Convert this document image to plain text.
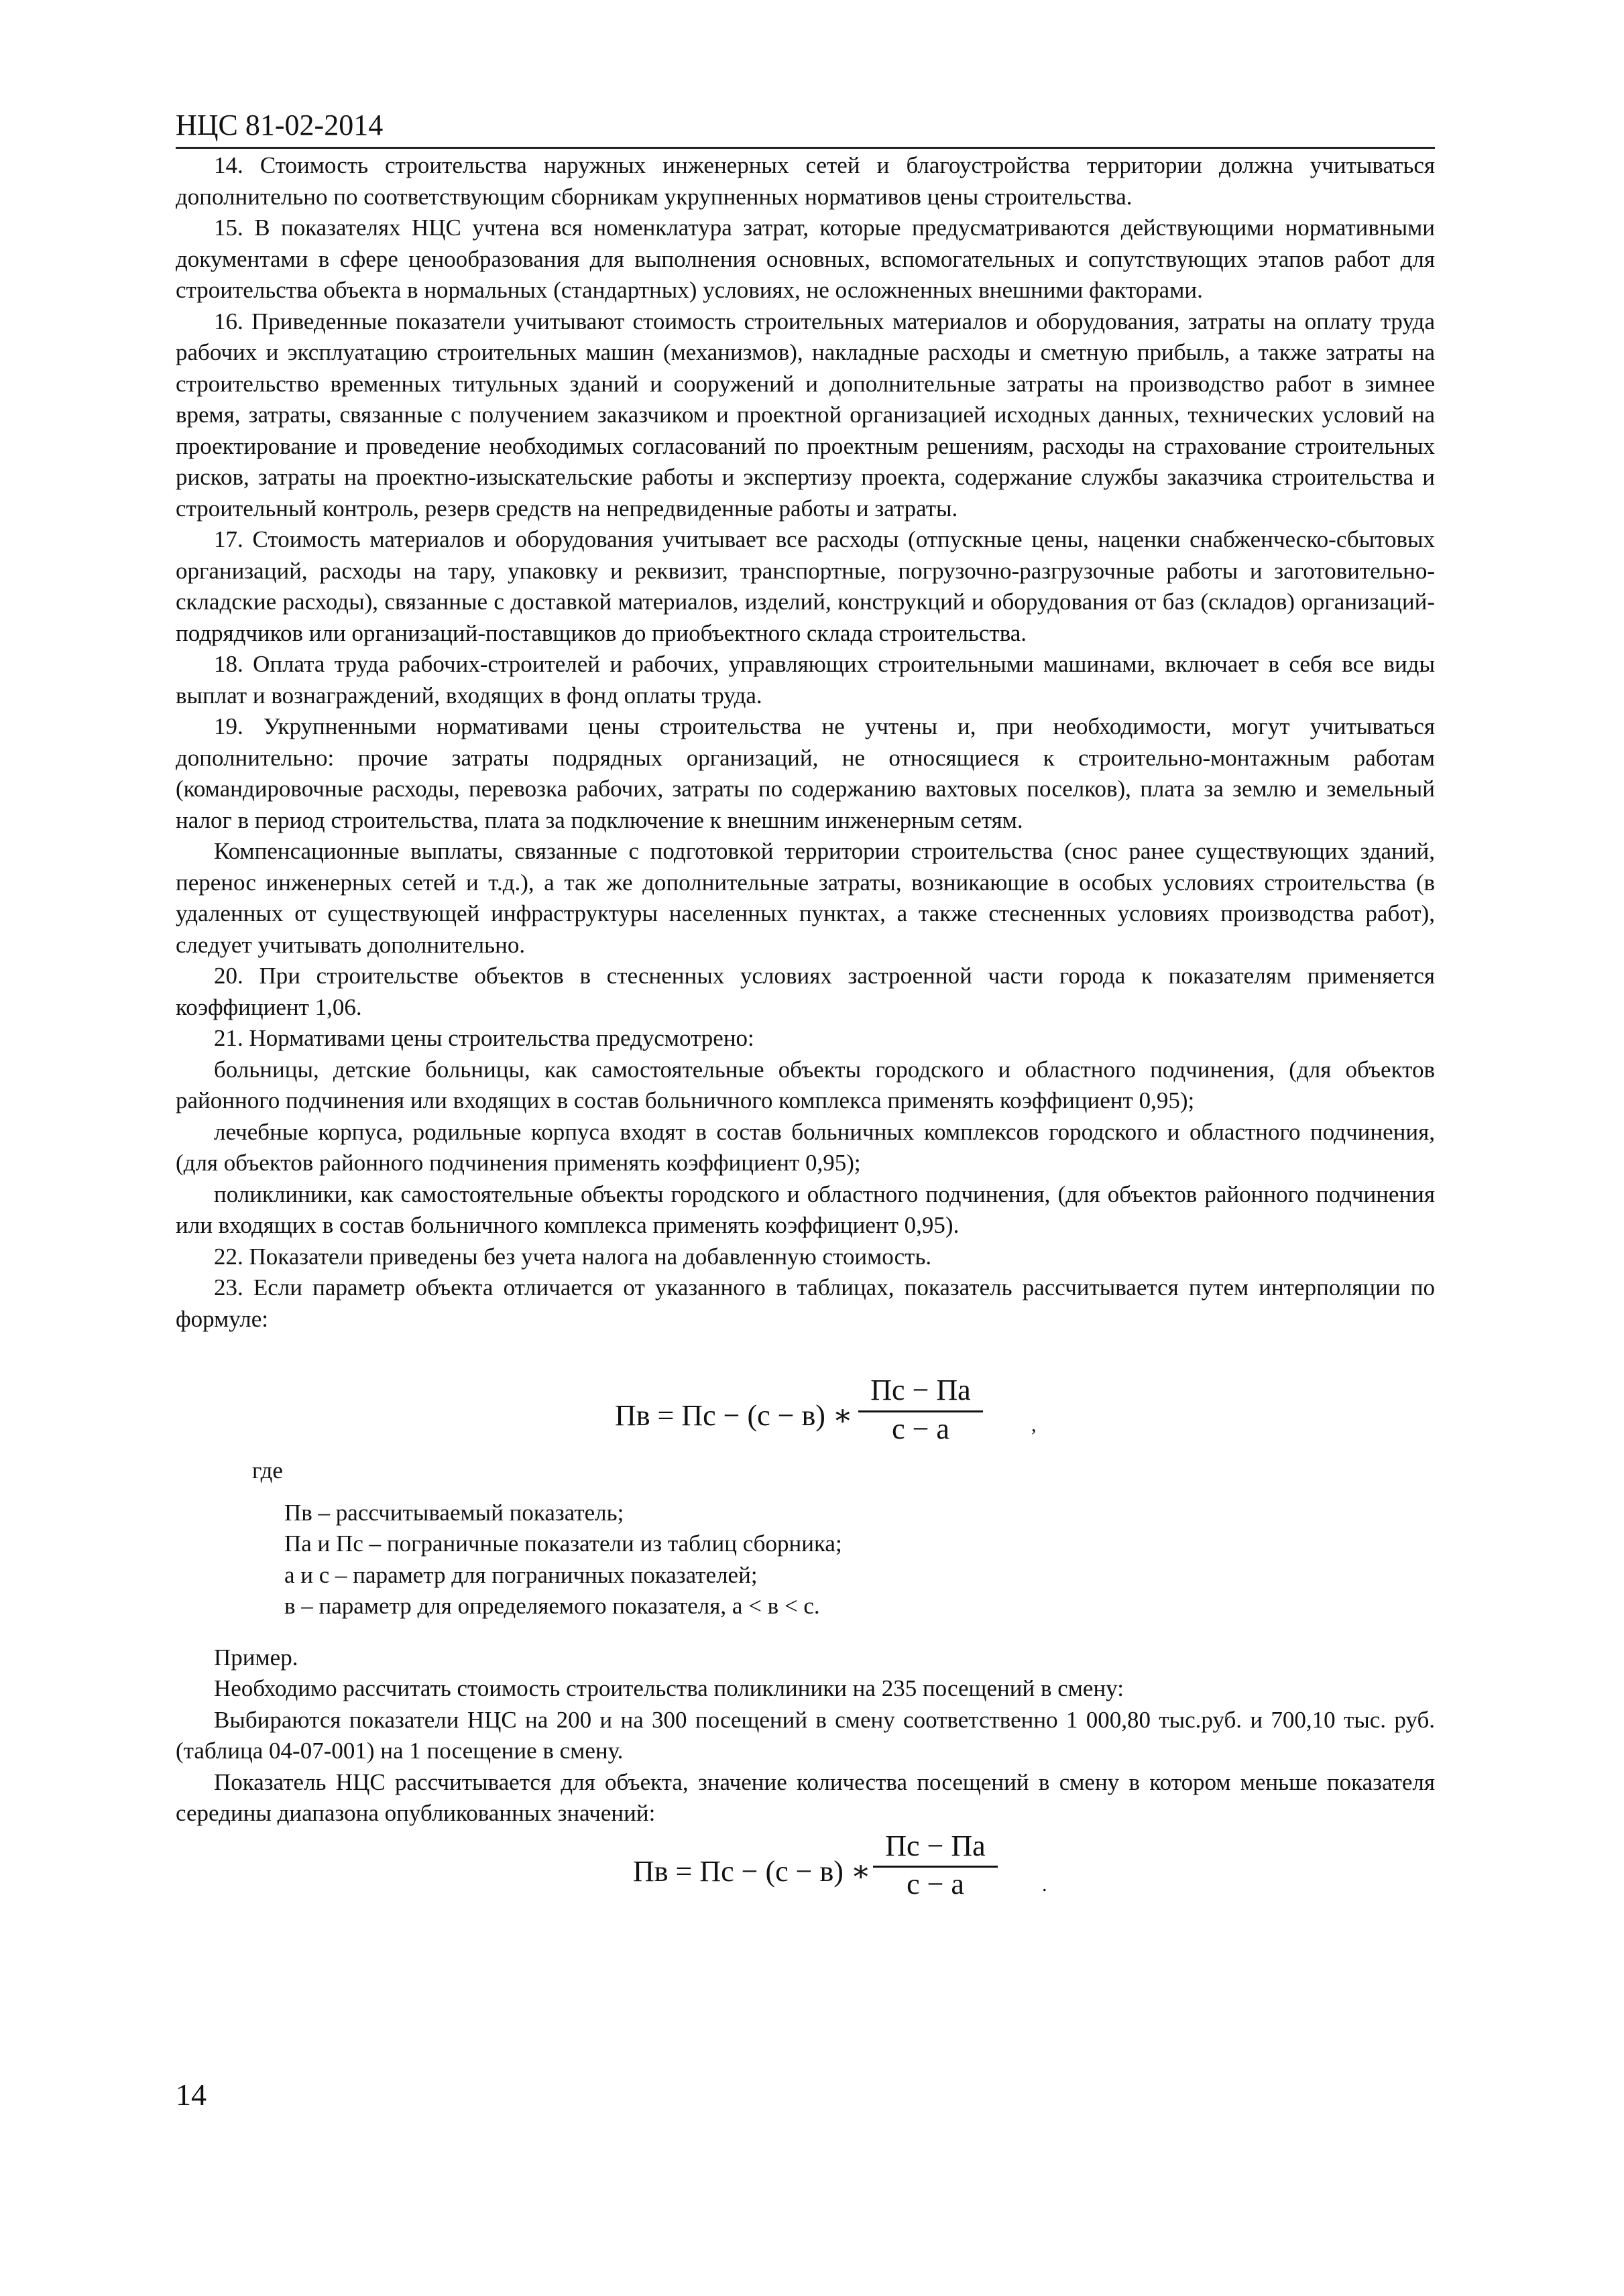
НЦС 81-02-2014

14. Стоимость строительства наружных инженерных сетей и благоустройства территории должна учитываться дополнительно по соответствующим сборникам укрупненных нормативов цены строительства.

15. В показателях НЦС учтена вся номенклатура затрат, которые предусматриваются действующими нормативными документами в сфере ценообразования для выполнения основных, вспомогательных и сопутствующих этапов работ для строительства объекта в нормальных (стандартных) условиях, не осложненных внешними факторами.

16. Приведенные показатели учитывают стоимость строительных материалов и оборудования, затраты на оплату труда рабочих и эксплуатацию строительных машин (механизмов), накладные расходы и сметную прибыль, а также затраты на строительство временных титульных зданий и сооружений и дополнительные затраты на производство работ в зимнее время, затраты, связанные с получением заказчиком и проектной организацией исходных данных, технических условий на проектирование и проведение необходимых согласований по проектным решениям, расходы на страхование строительных рисков, затраты на проектно-изыскательские работы и экспертизу проекта, содержание службы заказчика строительства и строительный контроль, резерв средств на непредвиденные работы и затраты.

17. Стоимость материалов и оборудования учитывает все расходы (отпускные цены, наценки снабженческо-сбытовых организаций, расходы на тару, упаковку и реквизит, транспортные, погрузочно-разгрузочные работы и заготовительно-складские расходы), связанные с доставкой материалов, изделий, конструкций и оборудования от баз (складов) организаций-подрядчиков или организаций-поставщиков до приобъектного склада строительства.

18. Оплата труда рабочих-строителей и рабочих, управляющих строительными машинами, включает в себя все виды выплат и вознаграждений, входящих в фонд оплаты труда.

19. Укрупненными нормативами цены строительства не учтены и, при необходимости, могут учитываться дополнительно: прочие затраты подрядных организаций, не относящиеся к строительно-монтажным работам (командировочные расходы, перевозка рабочих, затраты по содержанию вахтовых поселков), плата за землю и земельный налог в период строительства, плата за подключение к внешним инженерным сетям.

Компенсационные выплаты, связанные с подготовкой территории строительства (снос ранее существующих зданий, перенос инженерных сетей и т.д.), а так же дополнительные затраты, возникающие в особых условиях строительства (в удаленных от существующей инфраструктуры населенных пунктах, а также стесненных условиях производства работ), следует учитывать дополнительно.

20. При строительстве объектов в стесненных условиях застроенной части города к показателям применяется коэффициент 1,06.

21. Нормативами цены строительства предусмотрено:

больницы, детские больницы, как самостоятельные объекты городского и областного подчинения, (для объектов районного подчинения или входящих в состав больничного комплекса применять коэффициент 0,95);

лечебные корпуса, родильные корпуса входят в состав больничных комплексов городского и областного подчинения, (для объектов районного подчинения применять коэффициент 0,95);

поликлиники, как самостоятельные объекты городского и областного подчинения, (для объектов районного подчинения или входящих в состав больничного комплекса применять коэффициент 0,95).

22. Показатели приведены без учета налога на добавленную стоимость.

23. Если параметр объекта отличается от указанного в таблицах, показатель рассчитывается путем интерполяции по формуле:

Пв = Пс − (с − в) ∗
Пс − Па
с − а	,

где

Пв – рассчитываемый показатель;
Па и Пс – пограничные показатели из таблиц сборника;
а и с – параметр для пограничных показателей;
в – параметр для определяемого показателя, а < в < с.

Пример.

Необходимо рассчитать стоимость строительства поликлиники на 235 посещений в смену:

Выбираются показатели НЦС на 200 и на 300 посещений в смену соответственно 1 000,80 тыс.руб. и 700,10 тыс. руб. (таблица 04-07-001) на 1 посещение в смену.

Показатель НЦС рассчитывается для объекта, значение количества посещений в смену в котором меньше показателя середины диапазона опубликованных значений:

Пв = Пс − (с − в) ∗
Пс − Па
с − а	.
14
